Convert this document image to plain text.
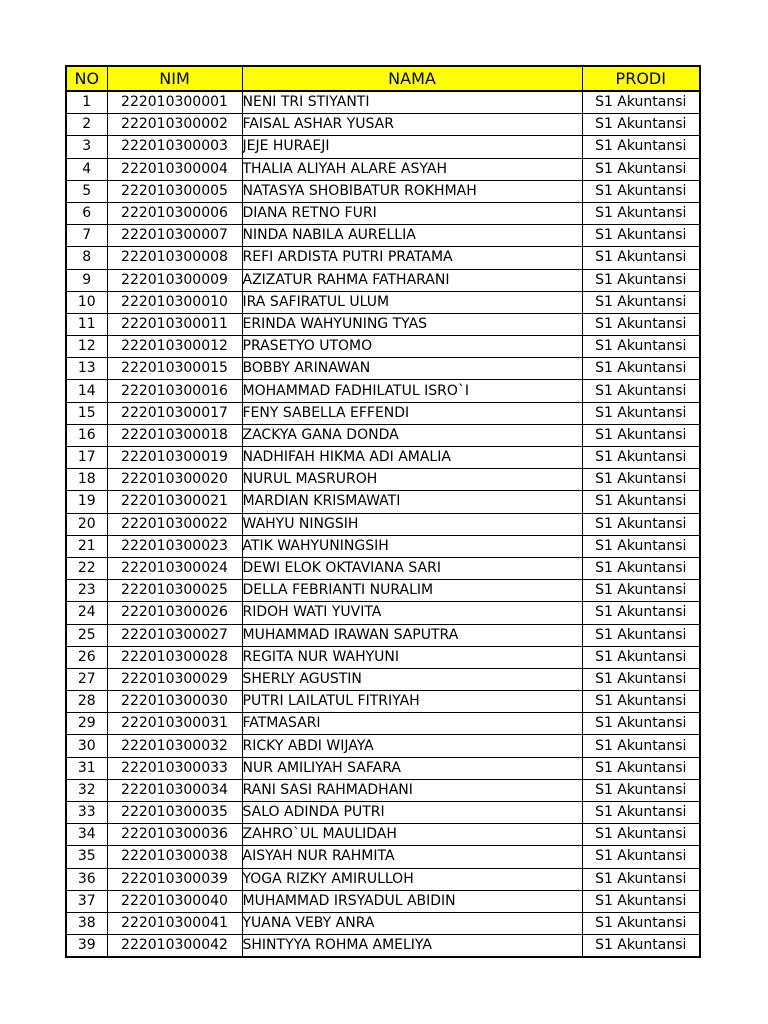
NO	NIM	NAMA	PRODI
1	222010300001	NENI TRI STIYANTI	S1 Akuntansi
2	222010300002	FAISAL ASHAR YUSAR	S1 Akuntansi
3	222010300003	JEJE HURAEJI	S1 Akuntansi
4	222010300004	THALIA ALIYAH ALARE ASYAH	S1 Akuntansi
5	222010300005	NATASYA SHOBIBATUR ROKHMAH	S1 Akuntansi
6	222010300006	DIANA RETNO FURI	S1 Akuntansi
7	222010300007	NINDA NABILA AURELLIA	S1 Akuntansi
8	222010300008	REFI ARDISTA PUTRI PRATAMA	S1 Akuntansi
9	222010300009	AZIZATUR RAHMA FATHARANI	S1 Akuntansi
10	222010300010	IRA SAFIRATUL ULUM	S1 Akuntansi
11	222010300011	ERINDA WAHYUNING TYAS	S1 Akuntansi
12	222010300012	PRASETYO UTOMO	S1 Akuntansi
13	222010300015	BOBBY ARINAWAN	S1 Akuntansi
14	222010300016	MOHAMMAD FADHILATUL ISRO`I	S1 Akuntansi
15	222010300017	FENY SABELLA EFFENDI	S1 Akuntansi
16	222010300018	ZACKYA GANA DONDA	S1 Akuntansi
17	222010300019	NADHIFAH HIKMA ADI AMALIA	S1 Akuntansi
18	222010300020	NURUL MASRUROH	S1 Akuntansi
19	222010300021	MARDIAN KRISMAWATI	S1 Akuntansi
20	222010300022	WAHYU NINGSIH	S1 Akuntansi
21	222010300023	ATIK WAHYUNINGSIH	S1 Akuntansi
22	222010300024	DEWI ELOK OKTAVIANA SARI	S1 Akuntansi
23	222010300025	DELLA FEBRIANTI NURALIM	S1 Akuntansi
24	222010300026	RIDOH WATI YUVITA	S1 Akuntansi
25	222010300027	MUHAMMAD IRAWAN SAPUTRA	S1 Akuntansi
26	222010300028	REGITA NUR WAHYUNI	S1 Akuntansi
27	222010300029	SHERLY AGUSTIN	S1 Akuntansi
28	222010300030	PUTRI LAILATUL FITRIYAH	S1 Akuntansi
29	222010300031	FATMASARI	S1 Akuntansi
30	222010300032	RICKY ABDI WIJAYA	S1 Akuntansi
31	222010300033	NUR AMILIYAH SAFARA	S1 Akuntansi
32	222010300034	RANI SASI RAHMADHANI	S1 Akuntansi
33	222010300035	SALO ADINDA PUTRI	S1 Akuntansi
34	222010300036	ZAHRO`UL MAULIDAH	S1 Akuntansi
35	222010300038	AISYAH NUR RAHMITA	S1 Akuntansi
36	222010300039	YOGA RIZKY AMIRULLOH	S1 Akuntansi
37	222010300040	MUHAMMAD IRSYADUL ABIDIN	S1 Akuntansi
38	222010300041	YUANA VEBY ANRA	S1 Akuntansi
39	222010300042	SHINTYYA ROHMA AMELIYA	S1 Akuntansi
